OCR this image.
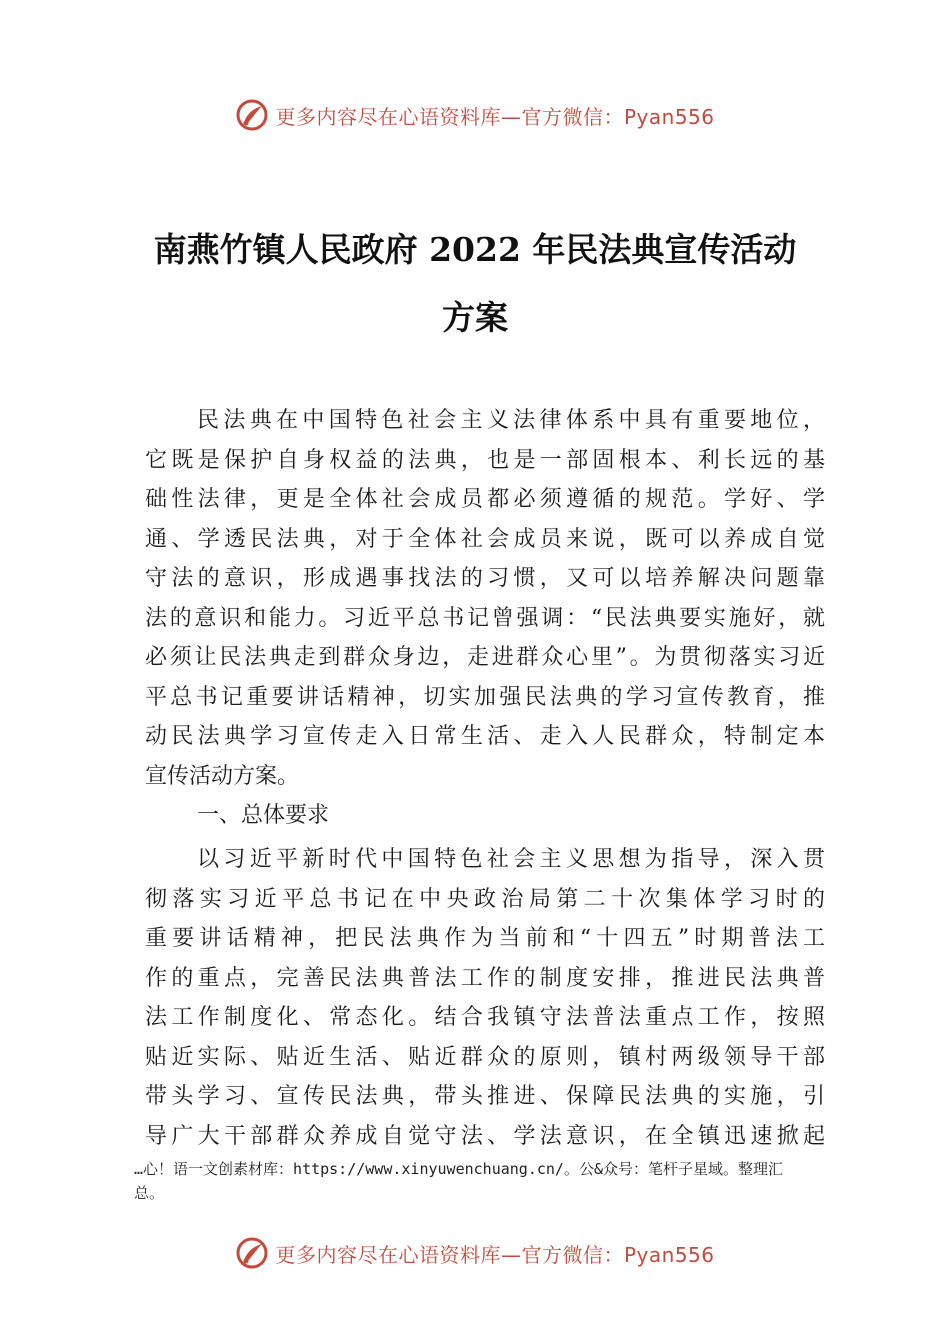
更多内容尽在心语资料库—官方微信：Pyan556
南燕竹镇人民政府 2022 年民法典宣传活动
方案
民法典在中国特色社会主义法律体系中具有重要地位，
它既是保护自身权益的法典，也是一部固根本、利长远的基
础性法律，更是全体社会成员都必须遵循的规范。学好、学
通、学透民法典，对于全体社会成员来说，既可以养成自觉
守法的意识，形成遇事找法的习惯，又可以培养解决问题靠
法的意识和能力。习近平总书记曾强调：“民法典要实施好，就
必须让民法典走到群众身边，走进群众心里”。为贯彻落实习近
平总书记重要讲话精神，切实加强民法典的学习宣传教育，推
动民法典学习宣传走入日常生活、走入人民群众，特制定本
宣传活动方案。
一、总体要求
以习近平新时代中国特色社会主义思想为指导，深入贯
彻落实习近平总书记在中央政治局第二十次集体学习时的
重要讲话精神，把民法典作为当前和“十四五”时期普法工
作的重点，完善民法典普法工作的制度安排，推进民法典普
法工作制度化、常态化。结合我镇守法普法重点工作，按照
贴近实际、贴近生活、贴近群众的原则，镇村两级领导干部
带头学习、宣传民法典，带头推进、保障民法典的实施，引
导广大干部群众养成自觉守法、学法意识，在全镇迅速掀起
…心！语一文创素材库：https://www.xinyuwenchuang.cn/。公&众号：笔杆子星域。整理汇
总。
更多内容尽在心语资料库—官方微信：Pyan556
